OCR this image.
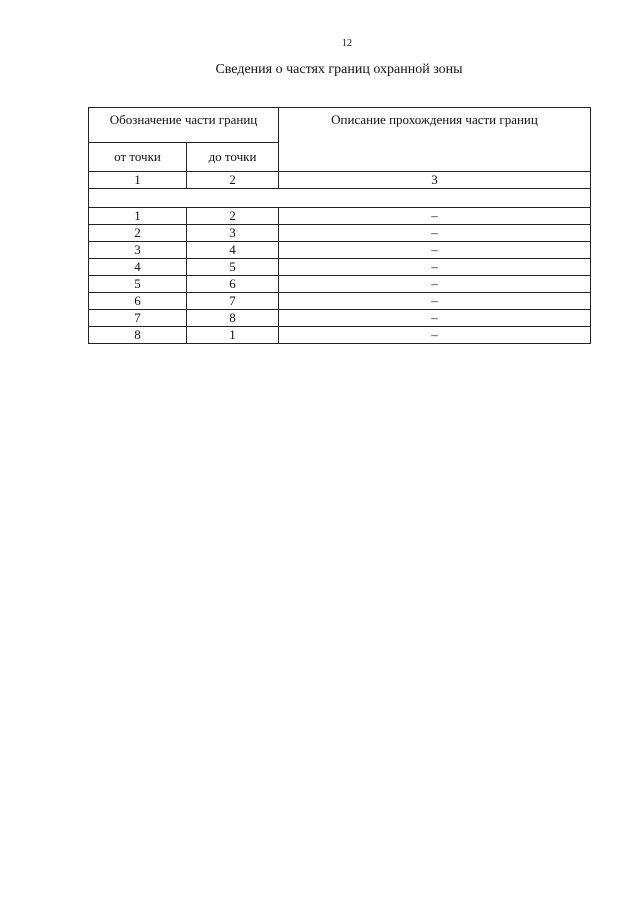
12
Сведения о частях границ охранной зоны
Обозначение части границ		Описание прохождения части границ

от точки	до точки	
1	2	3

1	2	–
2	3	–
3	4	–
4	5	–
5	6	–
6	7	–
7	8	–
8	1	–
